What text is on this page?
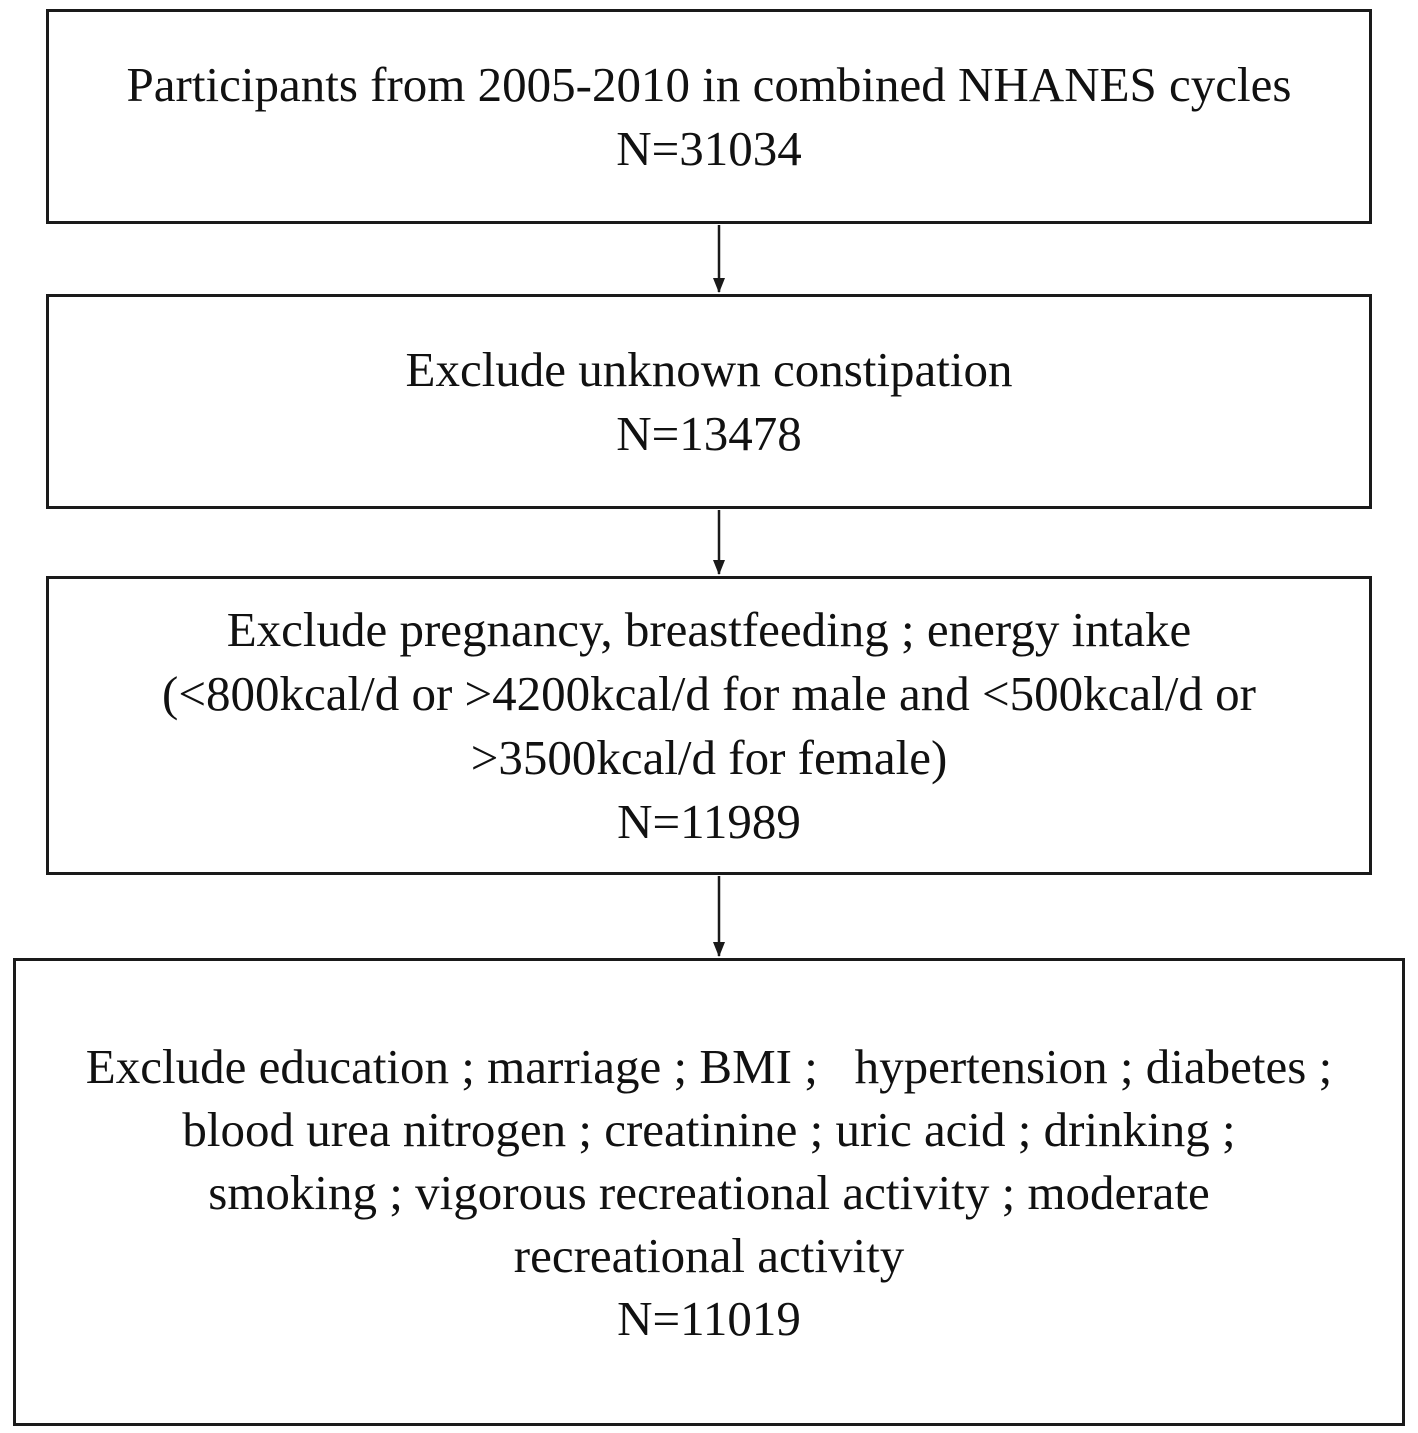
Participants from 2005-2010 in combined NHANES cycles
N=31034
Exclude unknown constipation
N=13478
Exclude pregnancy, breastfeeding ; energy intake
(<800kcal/d or >4200kcal/d for male and <500kcal/d or
>3500kcal/d for female)
N=11989
Exclude education ; marriage ; BMI ;   hypertension ; diabetes ;
blood urea nitrogen ; creatinine ; uric acid ; drinking ;
smoking ; vigorous recreational activity ; moderate
recreational activity
N=11019
